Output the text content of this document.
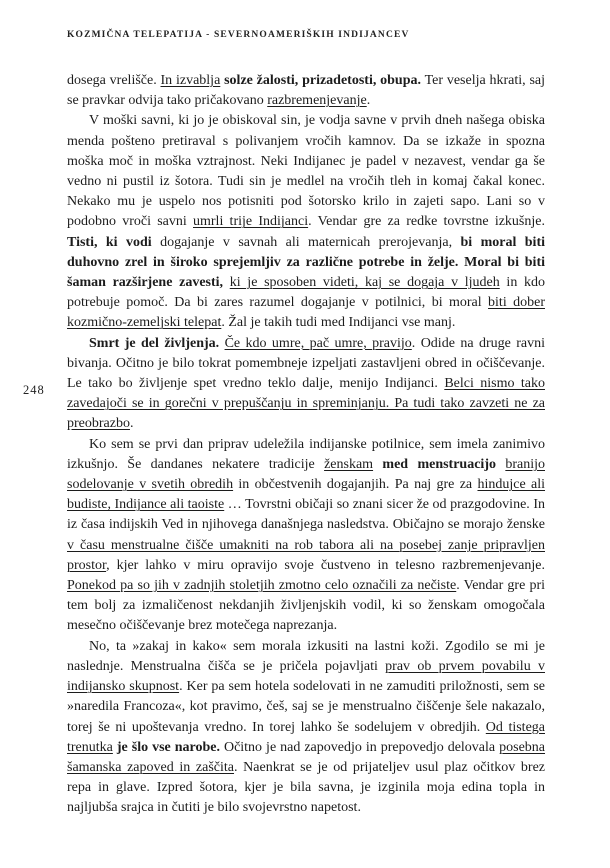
KOZMIČNA TELEPATIJA - SEVERNOAMERIŠKIH INDIJANCEV
248

dosega vrelišče. In izvablja solze žalosti, prizadetosti, obupa. Ter veselja hkrati, saj se pravkar odvija tako pričakovano razbremenjevanje.

V moški savni, ki jo je obiskoval sin, je vodja savne v prvih dneh našega obiska menda pošteno pretiraval s polivanjem vročih kamnov. Da se izkaže in spozna moška moč in moška vztrajnost. Neki Indijanec je padel v nezavest, vendar ga še vedno ni pustil iz šotora. Tudi sin je medlel na vročih tleh in komaj čakal konec. Nekako mu je uspelo nos potisniti pod šotorsko krilo in zajeti sapo. Lani so v podobno vroči savni umrli trije Indijanci. Vendar gre za redke tovrstne izkušnje. Tisti, ki vodi dogajanje v savnah ali maternicah prerojevanja, bi moral biti duhovno zrel in široko sprejemljiv za različne potrebe in želje. Moral bi biti šaman razširjene zavesti, ki je sposoben videti, kaj se dogaja v ljudeh in kdo potrebuje pomoč. Da bi zares razumel dogajanje v potilnici, bi moral biti dober kozmično-zemeljski telepat. Žal je takih tudi med Indijanci vse manj.

Smrt je del življenja. Če kdo umre, pač umre, pravijo. Odide na druge ravni bivanja. Očitno je bilo tokrat pomembneje izpeljati zastavljeni obred in očiščevanje. Le tako bo življenje spet vredno teklo dalje, menijo Indijanci. Belci nismo tako zavedajoči se in gorečni v prepuščanju in spreminjanju. Pa tudi tako zavzeti ne za preobrazbo.

Ko sem se prvi dan priprav udeležila indijanske potilnice, sem imela zanimivo izkušnjo. Še dandanes nekatere tradicije ženskam med menstruacijo branijo sodelovanje v svetih obredih in občestvenih dogajanjih. Pa naj gre za hindujce ali budiste, Indijance ali taoiste … Tovrstni običaji so znani sicer že od prazgodovine. In iz časa indijskih Ved in njihovega današnjega nasledstva. Običajno se morajo ženske v času menstrualne čišče umakniti na rob tabora ali na posebej zanje pripravljen prostor, kjer lahko v miru opravijo svoje čustveno in telesno razbremenjevanje. Ponekod pa so jih v zadnjih stoletjih zmotno celo označili za nečiste. Vendar gre pri tem bolj za izmaličenost nekdanjih življenjskih vodil, ki so ženskam omogočala mesečno očiščevanje brez motečega naprezanja.

No, ta »zakaj in kako« sem morala izkusiti na lastni koži. Zgodilo se mi je naslednje. Menstrualna čišča se je pričela pojavljati prav ob prvem povabilu v indijansko skupnost. Ker pa sem hotela sodelovati in ne zamuditi priložnosti, sem se »naredila Francoza«, kot pravimo, češ, saj se je menstrualno čiščenje šele nakazalo, torej še ni upoštevanja vredno. In torej lahko še sodelujem v obredjih. Od tistega trenutka je šlo vse narobe. Očitno je nad zapovedjo in prepovedjo delovala posebna šamanska zapoved in zaščita. Naenkrat se je od prijateljev usul plaz očitkov brez repa in glave. Izpred šotora, kjer je bila savna, je izginila moja edina topla in najljubša srajca in čutiti je bilo svojevrstno napetost.
